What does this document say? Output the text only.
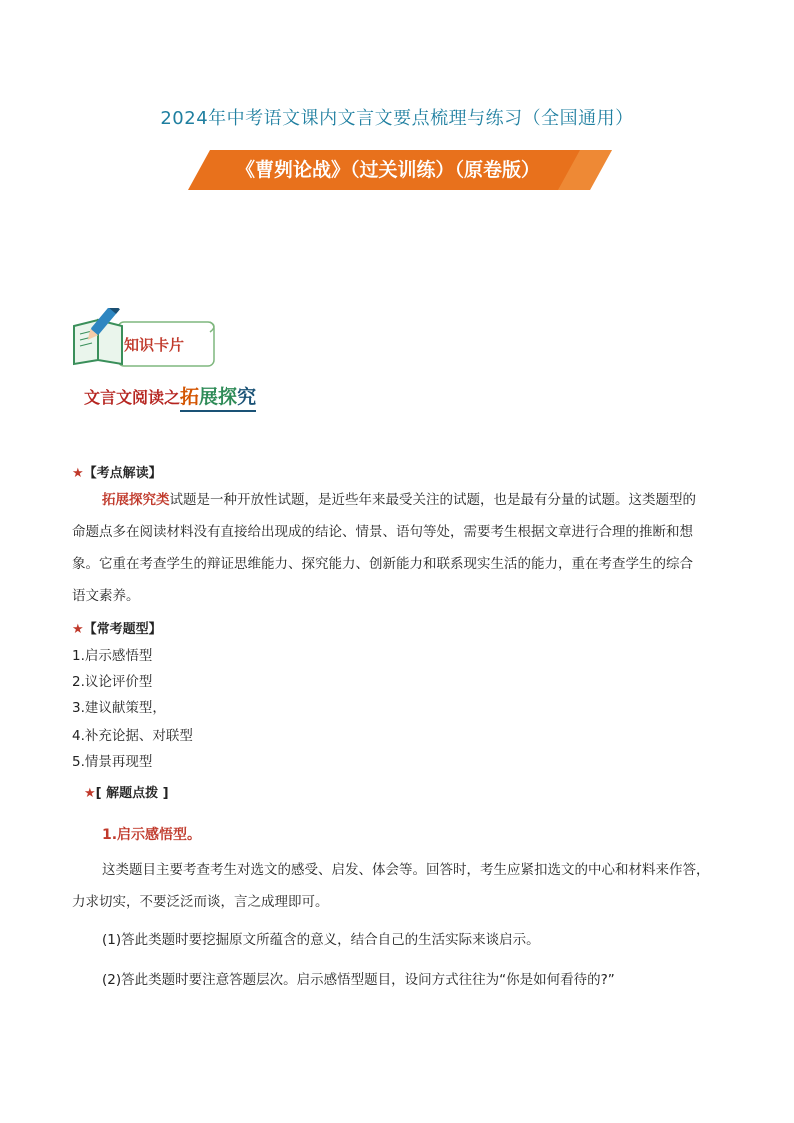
2024年中考语文课内文言文要点梳理与练习（全国通用）
《曹刿论战》（过关训练）（原卷版）
知识卡片
文言文阅读之拓展探究
★【考点解读】
拓展探究类试题是一种开放性试题，是近些年来最受关注的试题，也是最有分量的试题。这类题型的
命题点多在阅读材料没有直接给出现成的结论、情景、语句等处，需要考生根据文章进行合理的推断和想
象。它重在考查学生的辩证思维能力、探究能力、创新能力和联系现实生活的能力，重在考查学生的综合
语文素养。
★【常考题型】
1.启示感悟型
2.议论评价型
3.建议献策型，
4.补充论据、对联型
5.情景再现型
★[ 解题点拨 ]
1.启示感悟型。
这类题目主要考查考生对选文的感受、启发、体会等。回答时，考生应紧扣选文的中心和材料来作答，
力求切实，不要泛泛而谈，言之成理即可。
(1)答此类题时要挖掘原文所蕴含的意义，结合自己的生活实际来谈启示。
(2)答此类题时要注意答题层次。启示感悟型题目，设问方式往往为“你是如何看待的?”
